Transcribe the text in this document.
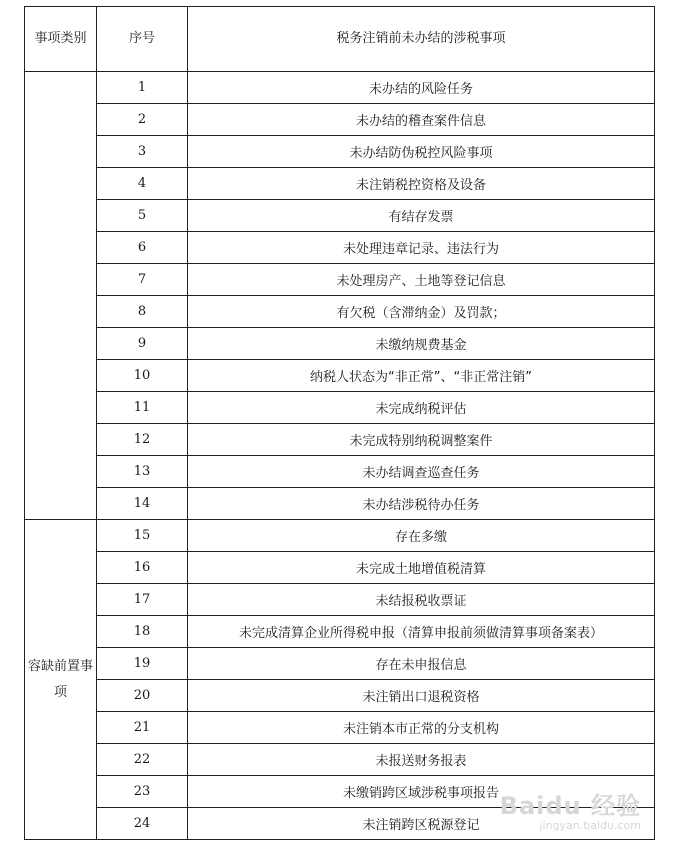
事项类别	序号	税务注销前未办结的涉税事项
	1	未办结的风险任务
	2	未办结的稽查案件信息
	3	未办结防伪税控风险事项
	4	未注销税控资格及设备
	5	有结存发票
	6	未处理违章记录、违法行为
	7	未处理房产、土地等登记信息
	8	有欠税（含滞纳金）及罚款；
	9	未缴纳规费基金
	10	纳税人状态为“非正常”、“非正常注销”
	11	未完成纳税评估
	12	未完成特别纳税调整案件
	13	未办结调查巡查任务
	14	未办结涉税待办任务
容缺前置事项	15	存在多缴
	16	未完成土地增值税清算
	17	未结报税收票证
	18	未完成清算企业所得税申报（清算申报前须做清算事项备案表）
	19	存在未申报信息
	20	未注销出口退税资格
	21	未注销本市正常的分支机构
	22	未报送财务报表
	23	未缴销跨区域涉税事项报告
	24	未注销跨区税源登记
Baidu 经验
jingyan.baidu.com
